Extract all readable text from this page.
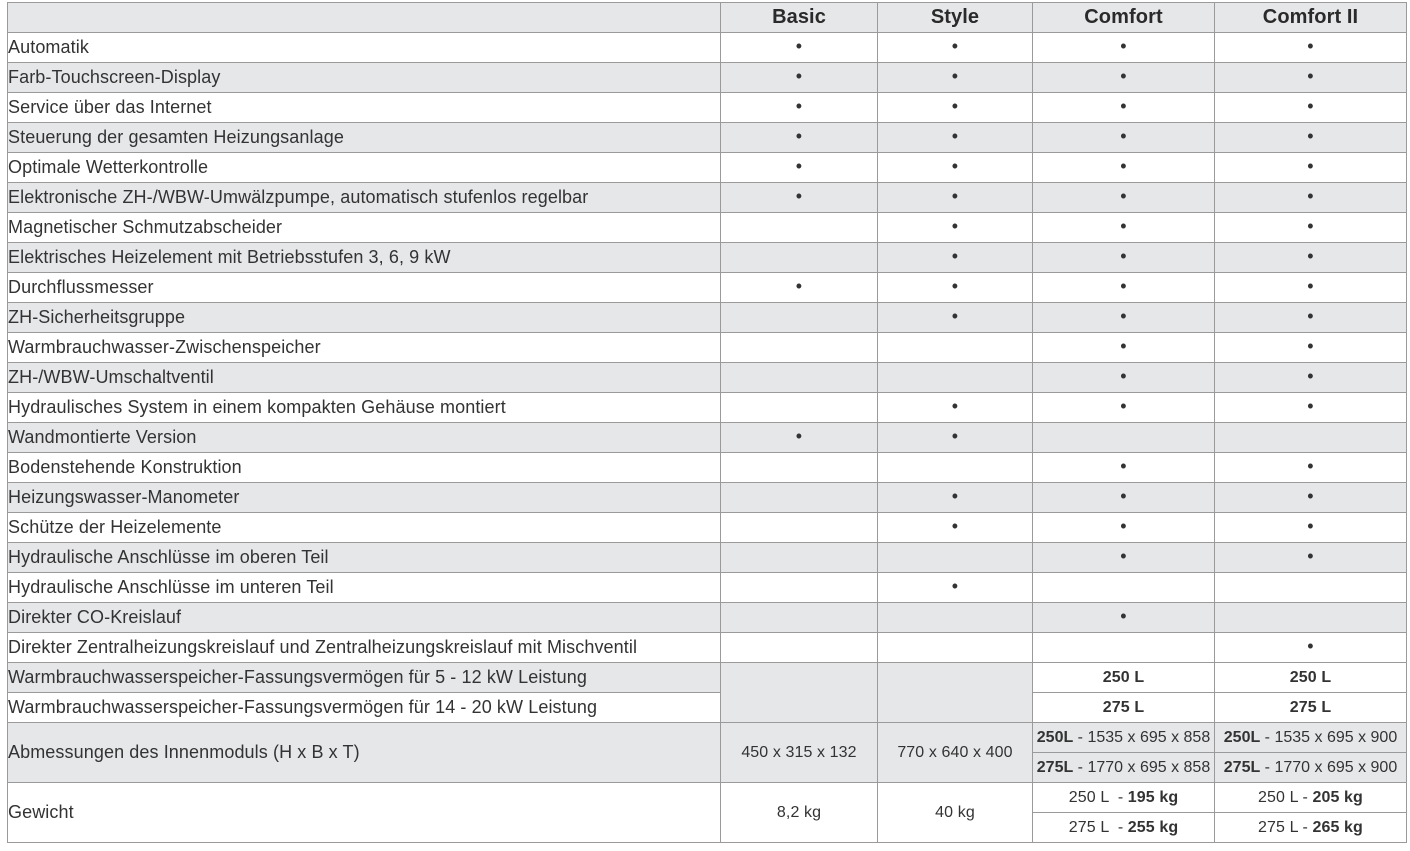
	Basic	Style	Comfort	Comfort II
Automatik	•	•	•	•
Farb-Touchscreen-Display	•	•	•	•
Service über das Internet	•	•	•	•
Steuerung der gesamten Heizungsanlage	•	•	•	•
Optimale Wetterkontrolle	•	•	•	•
Elektronische ZH-/WBW-Umwälzpumpe, automatisch stufenlos regelbar	•	•	•	•
Magnetischer Schmutzabscheider		•	•	•
Elektrisches Heizelement mit Betriebsstufen 3, 6, 9 kW		•	•	•
Durchflussmesser	•	•	•	•
ZH-Sicherheitsgruppe		•	•	•
Warmbrauchwasser-Zwischenspeicher			•	•
ZH-/WBW-Umschaltventil			•	•
Hydraulisches System in einem kompakten Gehäuse montiert		•	•	•
Wandmontierte Version	•	•		
Bodenstehende Konstruktion			•	•
Heizungswasser-Manometer		•	•	•
Schütze der Heizelemente		•	•	•
Hydraulische Anschlüsse im oberen Teil			•	•
Hydraulische Anschlüsse im unteren Teil		•		
Direkter CO-Kreislauf			•	
Direkter Zentralheizungskreislauf und Zentralheizungskreislauf mit Mischventil				•
Warmbrauchwasserspeicher-Fassungsvermögen für 5 - 12 kW Leistung			250 L	250 L
Warmbrauchwasserspeicher-Fassungsvermögen für 14 - 20 kW Leistung			275 L	275 L
Abmessungen des Innenmoduls (H x B x T)	450 x 315 x 132	770 x 640 x 400	250L - 1535 x 695 x 858	250L - 1535 x 695 x 900
			275L - 1770 x 695 x 858	275L - 1770 x 695 x 900
Gewicht	8,2 kg	40 kg	250 L  - 195 kg	250 L - 205 kg
			275 L  - 255 kg	275 L - 265 kg
